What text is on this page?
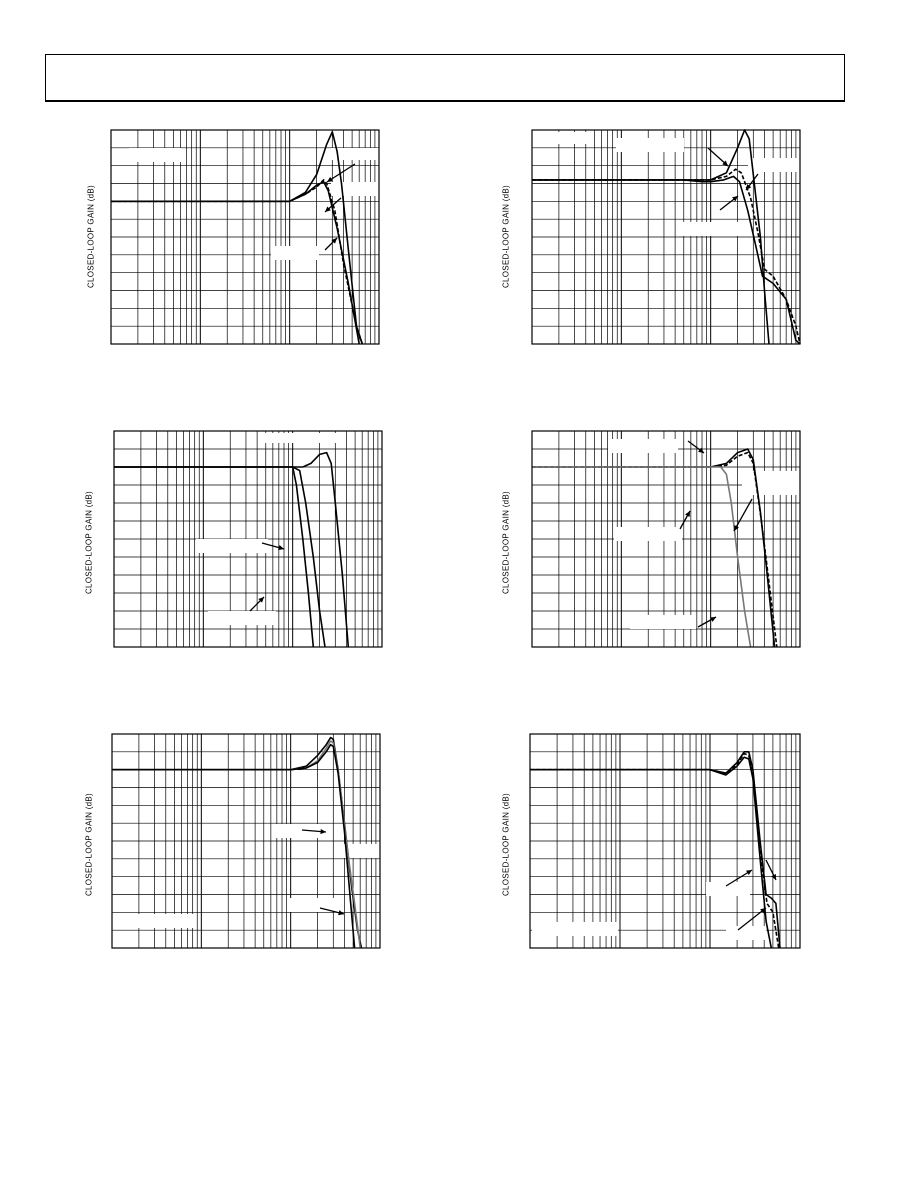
CLOSED-LOOP GAIN (dB)	CLOSED-LOOP GAIN (dB)
CLOSED-LOOP GAIN (dB)	CLOSED-LOOP GAIN (dB)
CLOSED-LOOP GAIN (dB)	CLOSED-LOOP GAIN (dB)
